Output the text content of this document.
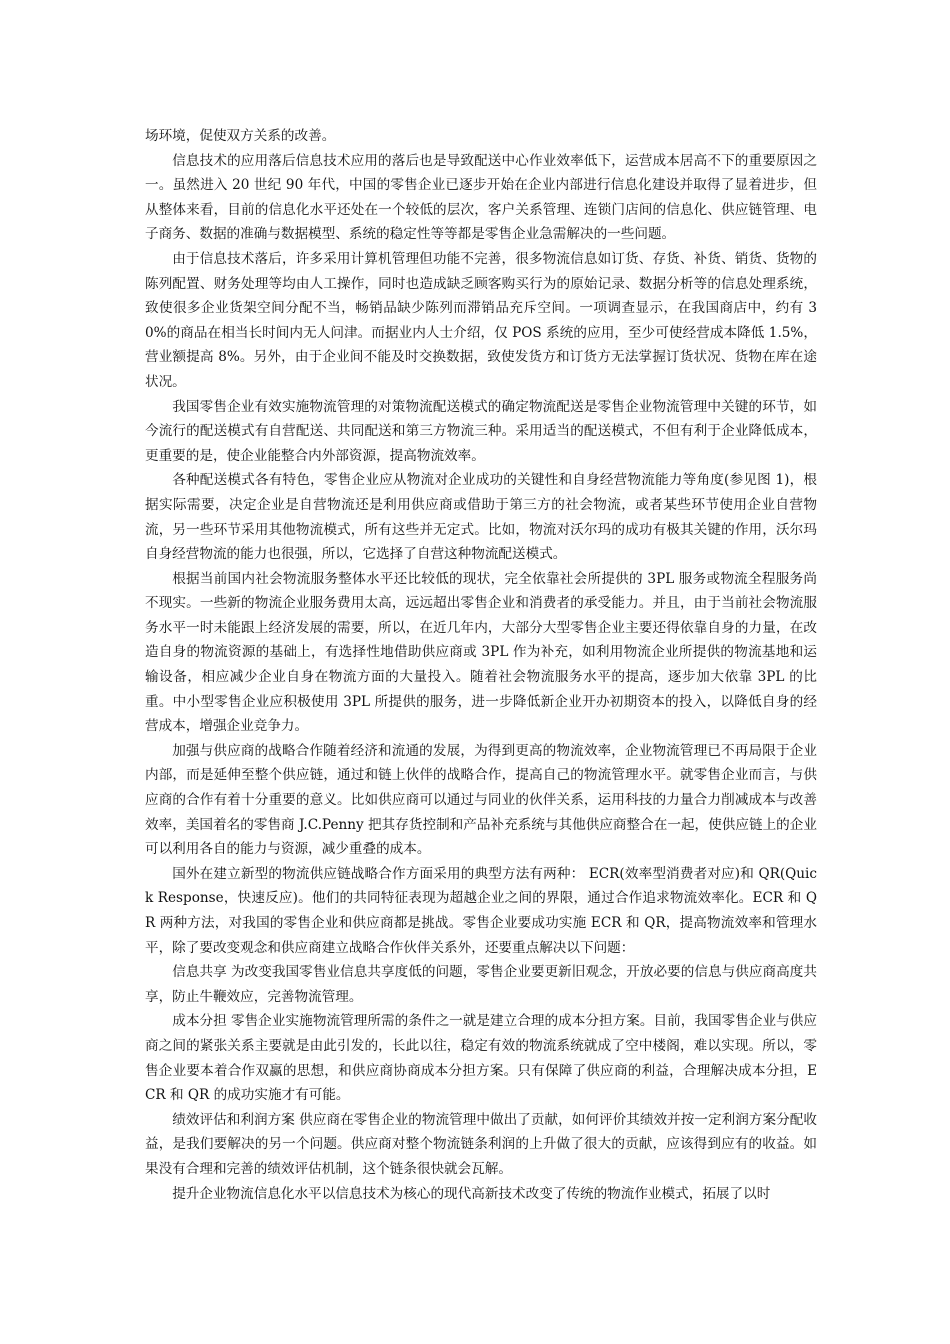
场环境，促使双方关系的改善。

信息技术的应用落后信息技术应用的落后也是导致配送中心作业效率低下，运营成本居高不下的重要原因之一。虽然进入 20 世纪 90 年代，中国的零售企业已逐步开始在企业内部进行信息化建设并取得了显着进步，但从整体来看，目前的信息化水平还处在一个较低的层次，客户关系管理、连锁门店间的信息化、供应链管理、电子商务、数据的准确与数据模型、系统的稳定性等等都是零售企业急需解决的一些问题。

由于信息技术落后，许多采用计算机管理但功能不完善，很多物流信息如订货、存货、补货、销货、货物的陈列配置、财务处理等均由人工操作，同时也造成缺乏顾客购买行为的原始记录、数据分析等的信息处理系统，致使很多企业货架空间分配不当，畅销品缺少陈列而滞销品充斥空间。一项调查显示，在我国商店中，约有 30%的商品在相当长时间内无人问津。而据业内人士介绍，仅 POS 系统的应用，至少可使经营成本降低 1.5%，营业额提高 8%。另外，由于企业间不能及时交换数据，致使发货方和订货方无法掌握订货状况、货物在库在途状况。

我国零售企业有效实施物流管理的对策物流配送模式的确定物流配送是零售企业物流管理中关键的环节，如今流行的配送模式有自营配送、共同配送和第三方物流三种。采用适当的配送模式，不但有利于企业降低成本，更重要的是，使企业能整合内外部资源，提高物流效率。

各种配送模式各有特色，零售企业应从物流对企业成功的关键性和自身经营物流能力等角度(参见图 1)，根据实际需要，决定企业是自营物流还是利用供应商或借助于第三方的社会物流，或者某些环节使用企业自营物流，另一些环节采用其他物流模式，所有这些并无定式。比如，物流对沃尔玛的成功有极其关键的作用，沃尔玛自身经营物流的能力也很强，所以，它选择了自营这种物流配送模式。

根据当前国内社会物流服务整体水平还比较低的现状，完全依靠社会所提供的 3PL 服务或物流全程服务尚不现实。一些新的物流企业服务费用太高，远远超出零售企业和消费者的承受能力。并且，由于当前社会物流服务水平一时未能跟上经济发展的需要，所以，在近几年内，大部分大型零售企业主要还得依靠自身的力量，在改造自身的物流资源的基础上，有选择性地借助供应商或 3PL 作为补充，如利用物流企业所提供的物流基地和运输设备，相应减少企业自身在物流方面的大量投入。随着社会物流服务水平的提高，逐步加大依靠 3PL 的比重。中小型零售企业应积极使用 3PL 所提供的服务，进一步降低新企业开办初期资本的投入，以降低自身的经营成本，增强企业竞争力。

加强与供应商的战略合作随着经济和流通的发展，为得到更高的物流效率，企业物流管理已不再局限于企业内部，而是延伸至整个供应链，通过和链上伙伴的战略合作，提高自己的物流管理水平。就零售企业而言，与供应商的合作有着十分重要的意义。比如供应商可以通过与同业的伙伴关系，运用科技的力量合力削减成本与改善效率，美国着名的零售商 J.C.Penny 把其存货控制和产品补充系统与其他供应商整合在一起，使供应链上的企业可以利用各自的能力与资源，减少重叠的成本。

国外在建立新型的物流供应链战略合作方面采用的典型方法有两种： ECR(效率型消费者对应)和 QR(Quick Response，快速反应)。他们的共同特征表现为超越企业之间的界限，通过合作追求物流效率化。ECR 和 QR 两种方法，对我国的零售企业和供应商都是挑战。零售企业要成功实施 ECR 和 QR，提高物流效率和管理水平，除了要改变观念和供应商建立战略合作伙伴关系外，还要重点解决以下问题：

信息共享 为改变我国零售业信息共享度低的问题，零售企业要更新旧观念，开放必要的信息与供应商高度共享，防止牛鞭效应，完善物流管理。

成本分担 零售企业实施物流管理所需的条件之一就是建立合理的成本分担方案。目前，我国零售企业与供应商之间的紧张关系主要就是由此引发的，长此以往，稳定有效的物流系统就成了空中楼阁，难以实现。所以，零售企业要本着合作双赢的思想，和供应商协商成本分担方案。只有保障了供应商的利益，合理解决成本分担，ECR 和 QR 的成功实施才有可能。

绩效评估和利润方案 供应商在零售企业的物流管理中做出了贡献，如何评价其绩效并按一定利润方案分配收益，是我们要解决的另一个问题。供应商对整个物流链条利润的上升做了很大的贡献，应该得到应有的收益。如果没有合理和完善的绩效评估机制，这个链条很快就会瓦解。

提升企业物流信息化水平以信息技术为核心的现代高新技术改变了传统的物流作业模式，拓展了以时
